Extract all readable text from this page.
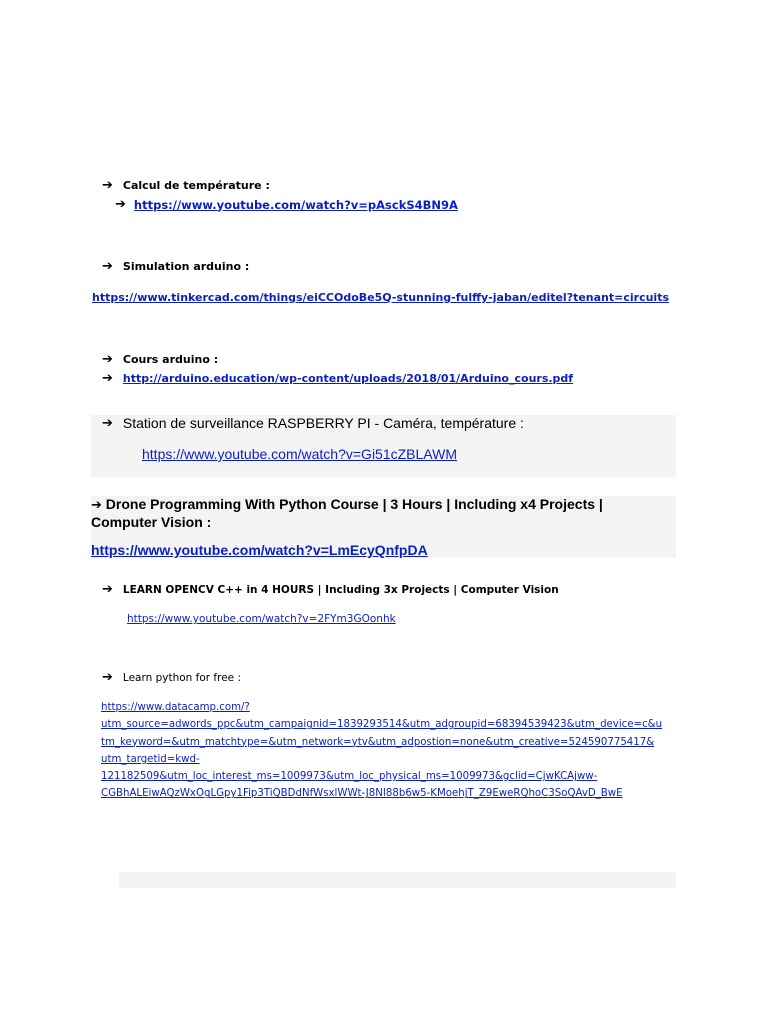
➔ Calcul de température :
➔ https://www.youtube.com/watch?v=pAsckS4BN9A
➔ Simulation arduino :
https://www.tinkercad.com/things/eiCCOdoBe5Q-stunning-fulffy-jaban/editel?tenant=circuits
➔ Cours arduino :
➔ http://arduino.education/wp-content/uploads/2018/01/Arduino_cours.pdf
➔ Station de surveillance RASPBERRY PI - Caméra, température :
https://www.youtube.com/watch?v=Gi51cZBLAWM
➔ Drone Programming With Python Course | 3 Hours | Including x4 Projects | Computer Vision :
https://www.youtube.com/watch?v=LmEcyQnfpDA
➔ LEARN OPENCV C++ in 4 HOURS | Including 3x Projects | Computer Vision
https://www.youtube.com/watch?v=2FYm3GOonhk
➔ Learn python for free :
https://www.datacamp.com/?
utm_source=adwords_ppc&utm_campaignid=1839293514&utm_adgroupid=68394539423&utm_device=c&u
tm_keyword=&utm_matchtype=&utm_network=ytv&utm_adpostion=none&utm_creative=524590775417&
utm_targetid=kwd-
121182509&utm_loc_interest_ms=1009973&utm_loc_physical_ms=1009973&gclid=CjwKCAjww-
CGBhALEiwAQzWxOgLGpy1Fip3TiQBDdNfWsxlWWt-J8NI88b6w5-KMoehjT_Z9EweRQhoC3SoQAvD_BwE
